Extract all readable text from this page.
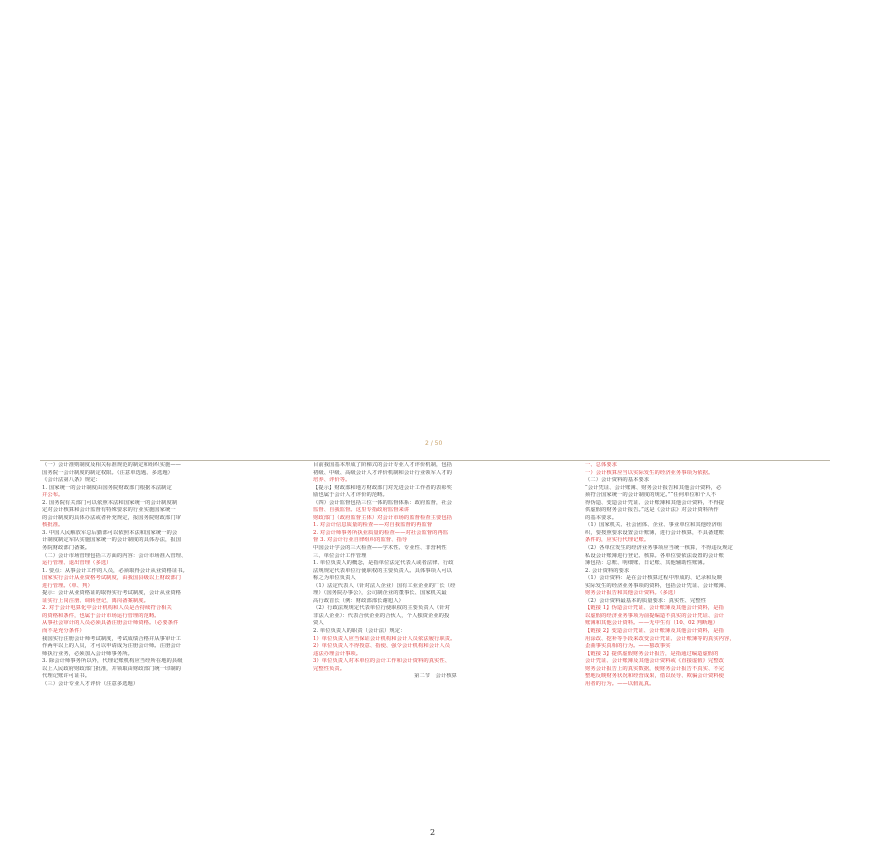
2 / 50

（一）会计准则制度及相关标准规范的制定和组织实施——

国务院一会计制度的制定权限。（注意单选题、多选题）

《会计法第八条》规定：

1. 国家统一的会计制度由国务院财政部门根据本法制定

并公布。

2. 国务院有关部门可以依照本法和国家统一的会计制度制

定对会计核算和会计监督有特殊要求的行业实施国家统一

的会计制度的具体办法或者补充规定，报国务院财政部门审

核批准。

3. 中国人民解放军总后勤部可以依照本法和国家统一的会

计制度制定军队实施国家统一的会计制度的具体办法，报国

务院财政部门备案。

（二）会计市场管理包括三方面的内容：会计市场准入管理、

运行管理、退出管理（多选）

1. 要点：从事会计工作的人员，必须取得会计从业资格证书。

国家实行会计从业资格考试制度，由我国县级以上财政部门

进行管理。（单、判）

提示：会计从业资格证的取得实行考试制度，会计从业资格

证实行上岗注册、调转登记，离岗备案制度。

2. 对于会计电算化中会计机构和人员是否持续符合相关

的资格和条件，也属于会计市场运行管理的范畴。

从事社会审计的人员必须具备注册会计师资格。（必要条件

而不是充分条件）

我国实行注册会计师考试制度，考试成绩合格并从事审计工

作两年以上的人员，才可以申请成为注册会计师。注册会计

师执行业务，必须加入会计师事务所。

3. 除会计师事务所以外，代理记账机构应当经所在地的县级

以上人民政府财政部门批准，并领取由财政部门统一印制的

代理记账许可证书。

（三）会计专业人才评价（注意多选题）

目前我国基本形成了阶梯式的会计专业人才评价机制，包括

初级、中级、高级会计人才评价机制和会计行业领军人才的

培养、评价等。

【提示】财政部和地方财政部门对先进会计工作者的表彰奖

励也属于会计人才评价的范畴。

（四）会计监督包括三位一体的监督体系：政府监督，社会

监督、自我监督。这里专指政府监督来讲

财政部门（政府监督主体）对会计市场的监督检查主要包括

1. 对会计信息质量的检查——对自我监督的再监督

2. 对会计师事务所执业质量的检查——对社会监督的再监

督 3. 对会计行业自律组织的监督、指导

中国会计学会的三大检查——学术性、专业性、非营利性

三、单位会计工作管理

1. 单位负责人的概念，是指单位法定代表人或者法律、行政

法规规定代表单位行使职权的主要负责人。具体事项人可以

称之为单位负责人

（1）法定代表人（针对法人企业）国有工业企业的厂长（经

理）（国务院办事公），公司制企业的董事长、国家机关最

高行政首长（例：财政部部长谢旭人）

（2）行政法规规定代表单位行使职权的主要负责人（针对

非法人企业）：代表合伙企业的合伙人，个人独资企业的投

资人

2. 单位负责人的职责（会计法）规定：

1）单位负责人应当保证会计机构和会计人员依法履行职责。

2）单位负责人不得授意、指使、强令会计机构和会计人员

违法办理会计事项。

3）单位负责人对本单位的会计工作和会计资料的真实性、

完整性负责。

第二节　会计核算

一、总体要求

一）会计核算应当以实际发生的经济业务事项为依据。

（二）会计资料的基本要求

“会计凭证、会计账簿、财务会计报告和其他会计资料，必

须符合国家统一的会计制度的规定。”“任何单位和个人不

得伪造、变造会计凭证、会计账簿和其他会计资料，不得提

供虚假的财务会计报告。”这是《会计法》对会计资料所作

的基本要求。

（1）国家机关、社会团体、企业、事业单位和其他经济组

织，要按照要求设置会计账簿，进行会计核算，不具备建账

条件的，应实行代理记账。

（2）各单位发生的经济业务事项应当统一核算，不得违反规定

私设会计账簿进行登记、核算。各单位要依法设置的会计账

簿包括：总账、明细账、日记账、其他辅助性账簿。

2. 会计资料的要求

（1）会计资料：是在会计核算过程中形成的、记录和反映

实际发生的经济业务事项的资料，包括会计凭证、会计账簿、

财务会计报告和其他会计资料。（多选）

（2）会计资料最基本的质量要求：真实性、完整性

【链接 1】伪造会计凭证、会计账簿及其他会计资料，是指

以虚假的经济业务事项为前提编造不真实的会计凭证、会计

账簿和其他会计资料。——无中生有（10、02 判断题）

【链接 2】变造会计凭证、会计账簿及其他会计资料，是指

用涂改、挖补等手段来改变会计凭证、会计账簿等的真实内容，

歪曲事实真相的行为。——篡改事实

【链接 3】提供虚假财务会计报告，是指通过编造虚假的

会计凭证、会计账簿及其他会计资料或《直接虚假》完整改

财务会计报告上的真实数据，使财务会计报告不真实、不完

整地反映财务状况和经营成果，借以误导、欺骗会计资料使

用者的行为。——以假乱真。

2
